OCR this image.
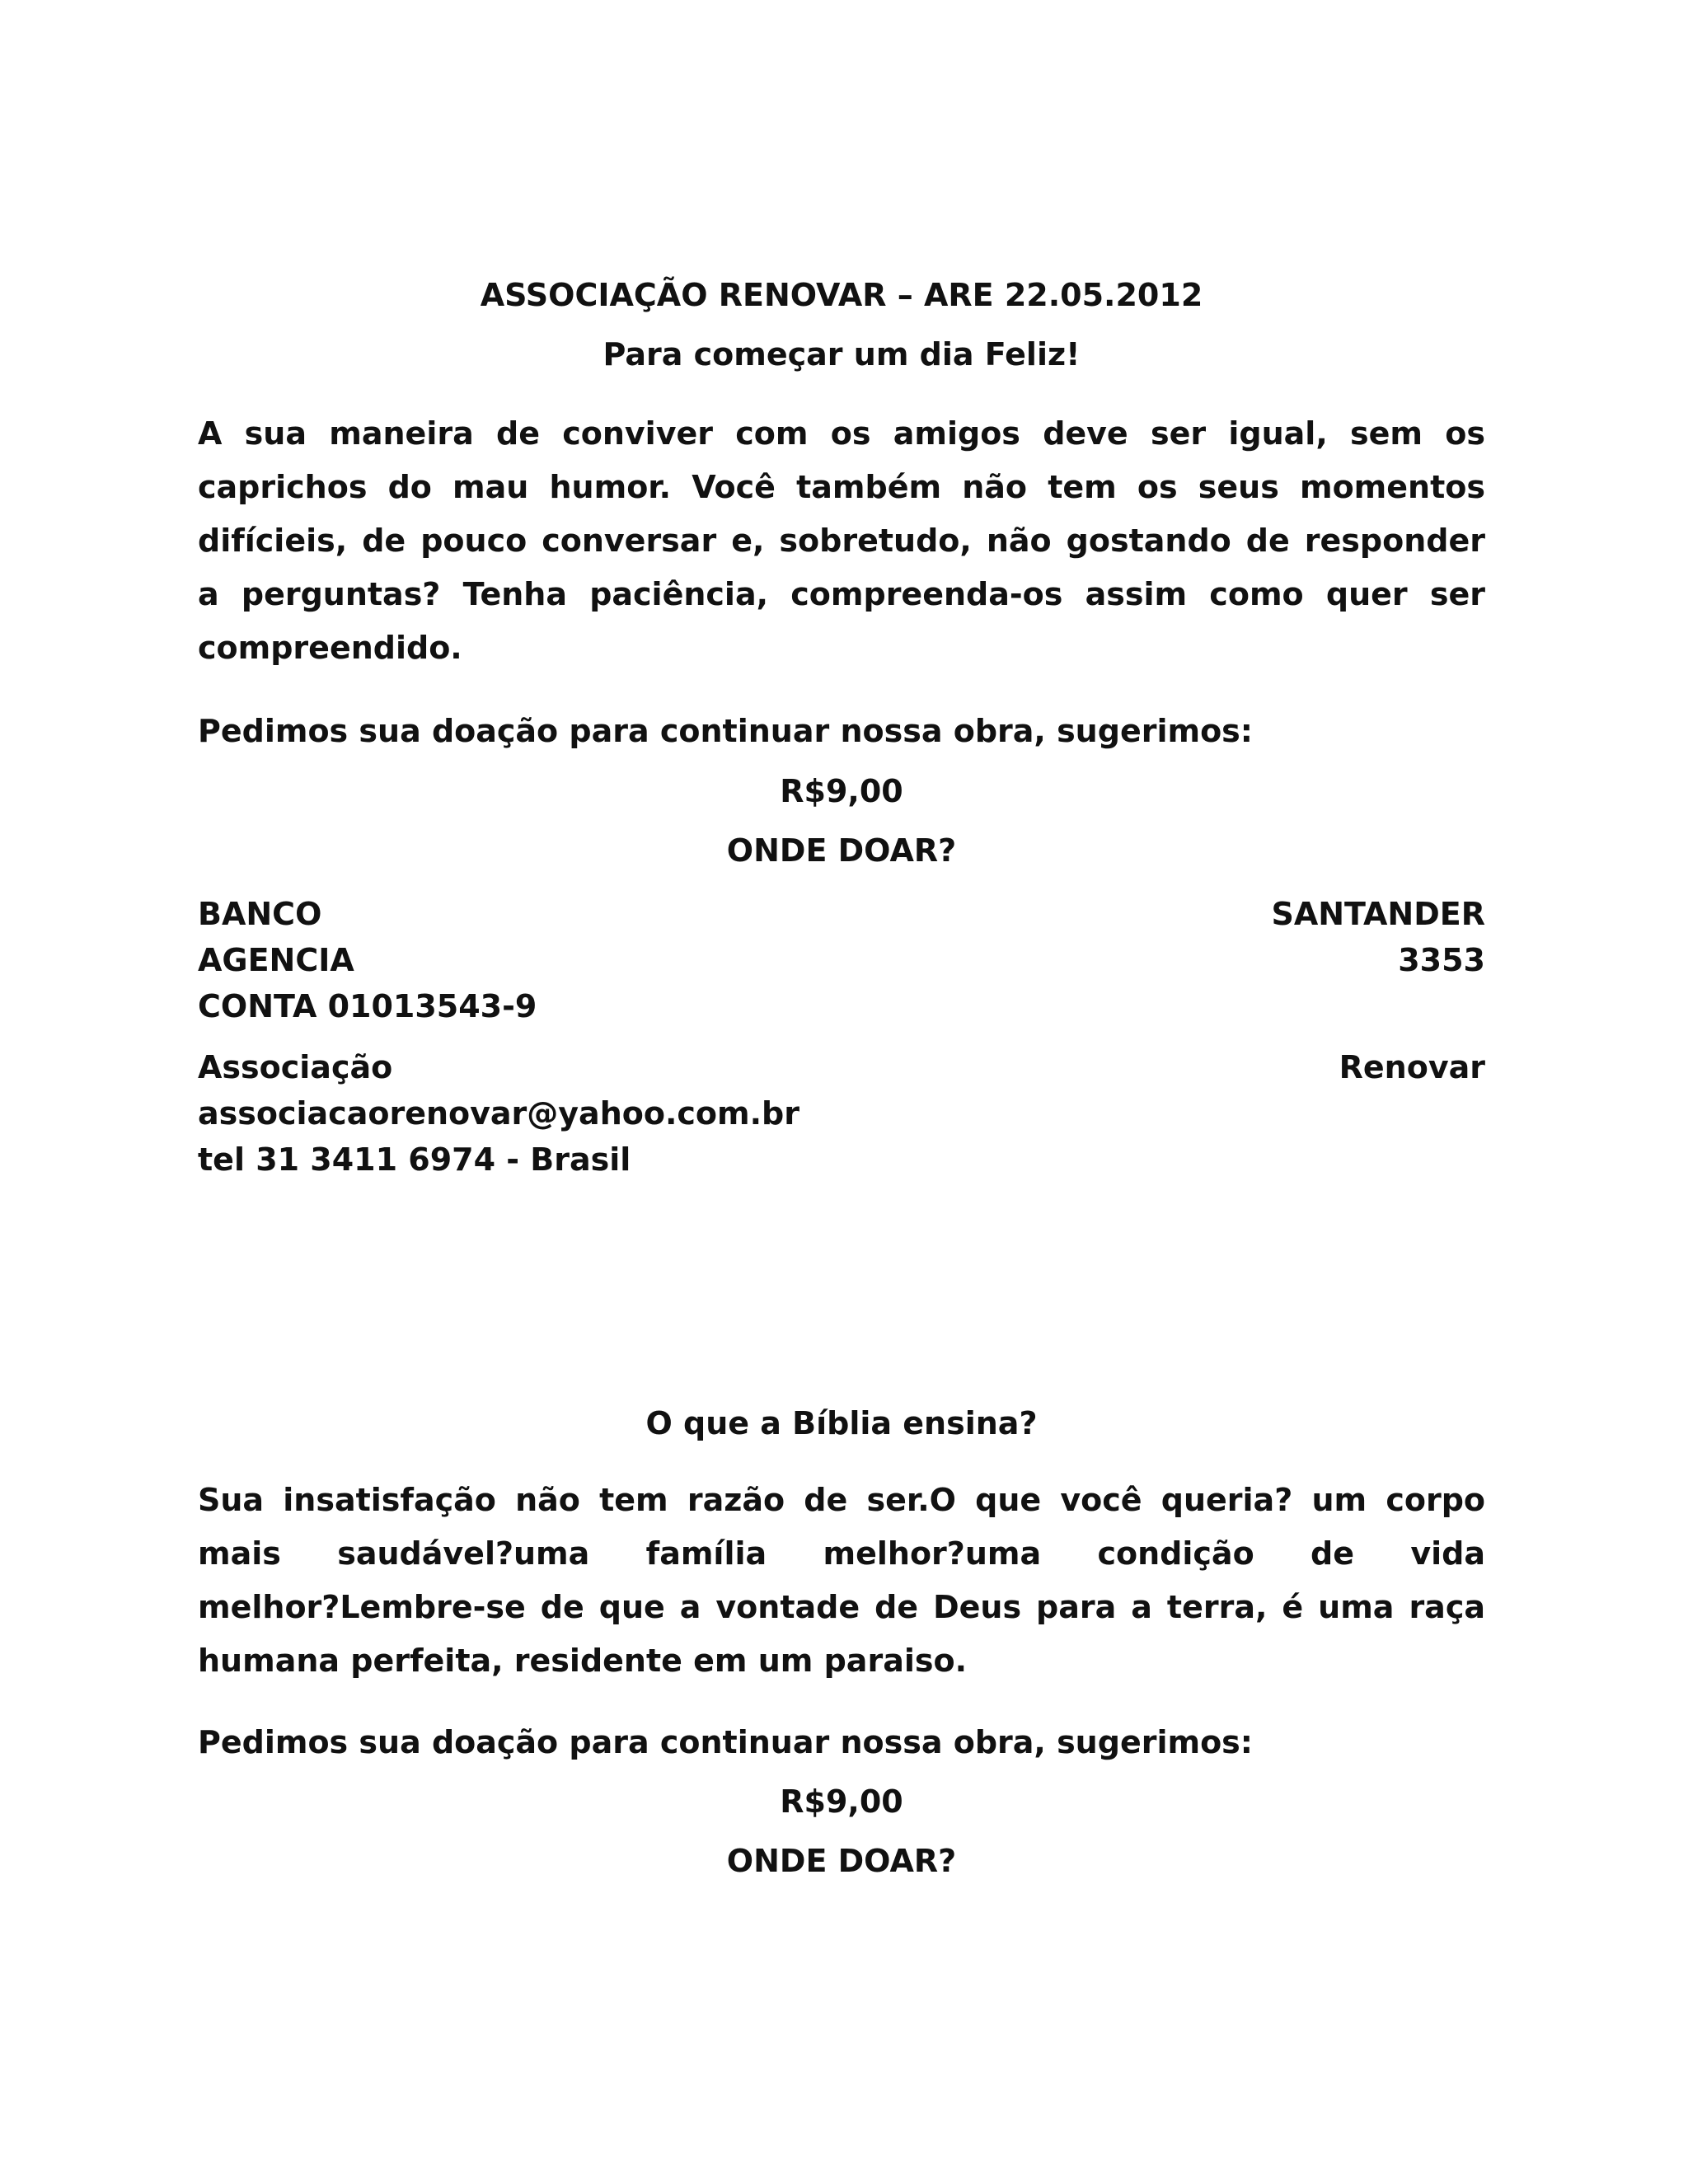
ASSOCIAÇÃO RENOVAR – ARE 22.05.2012
Para começar um dia Feliz!
A sua maneira de conviver com os amigos deve ser igual, sem os
caprichos do mau humor. Você também não tem os seus momentos
difícieis, de pouco conversar e, sobretudo, não gostando de responder
a perguntas? Tenha paciência, compreenda-os assim como quer ser
compreendido.
Pedimos sua doação para continuar nossa obra, sugerimos:
R$9,00
ONDE DOAR?
BANCO	SANTANDER
AGENCIA	3353
CONTA 01013543-9
Associação	Renovar
associacaorenovar@yahoo.com.br
tel 31 3411 6974 - Brasil
O que a Bíblia ensina?
Sua insatisfação não tem razão de ser.O que você queria? um corpo
mais saudável?uma família melhor?uma condição de vida
melhor?Lembre-se de que a vontade de Deus para a terra, é uma raça
humana perfeita, residente em um paraiso.
Pedimos sua doação para continuar nossa obra, sugerimos:
R$9,00
ONDE DOAR?
